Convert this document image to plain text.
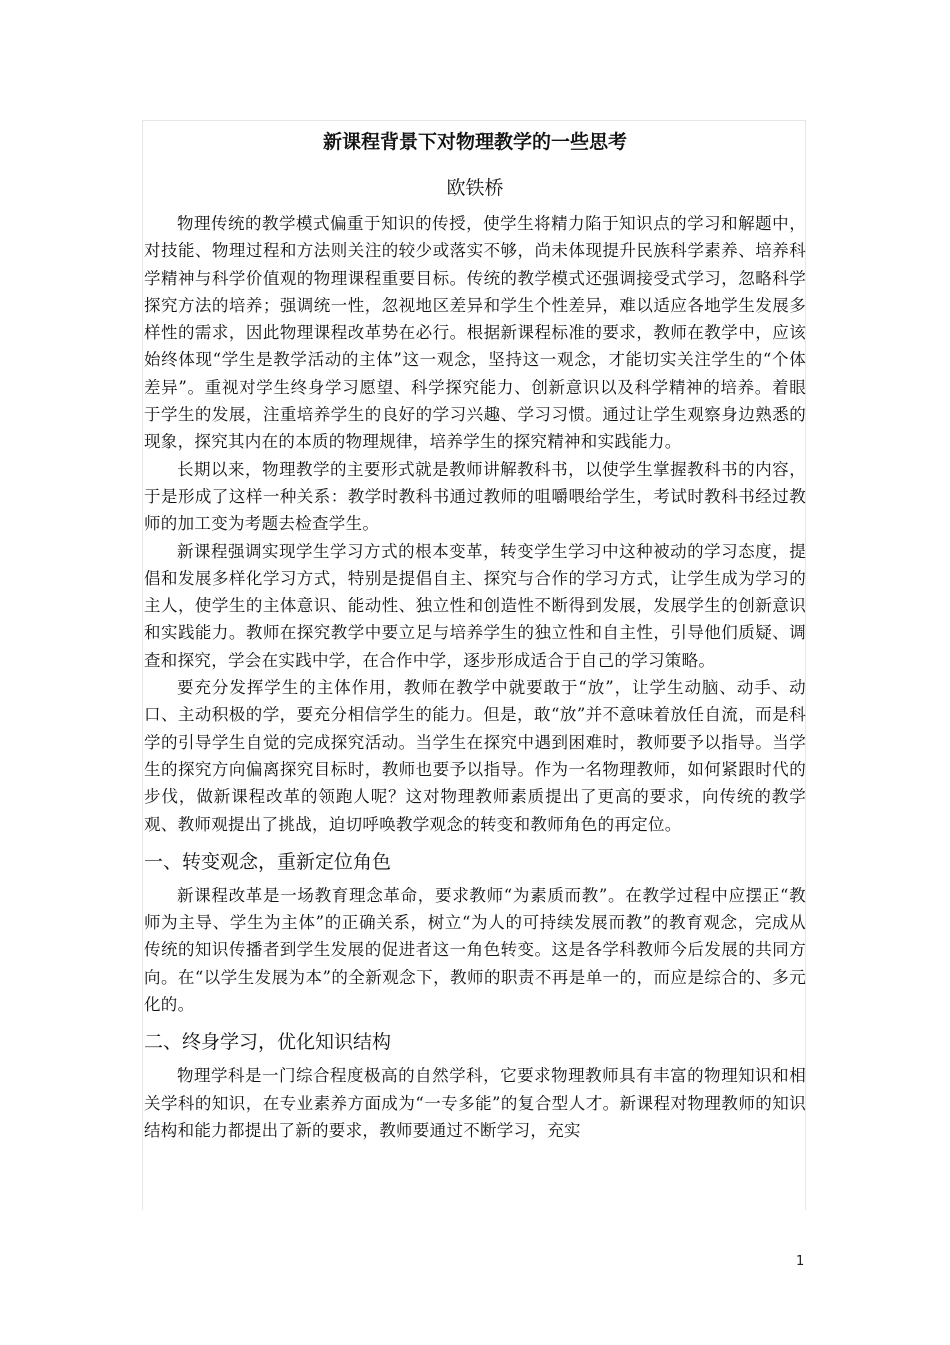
新课程背景下对物理教学的一些思考
欧铁桥

物理传统的教学模式偏重于知识的传授，使学生将精力陷于知识点的学习和解题中，对技能、物理过程和方法则关注的较少或落实不够，尚未体现提升民族科学素养、培养科学精神与科学价值观的物理课程重要目标。传统的教学模式还强调接受式学习，忽略科学探究方法的培养；强调统一性，忽视地区差异和学生个性差异，难以适应各地学生发展多样性的需求，因此物理课程改革势在必行。根据新课程标准的要求，教师在教学中，应该始终体现“学生是教学活动的主体”这一观念，坚持这一观念，才能切实关注学生的“个体差异”。重视对学生终身学习愿望、科学探究能力、创新意识以及科学精神的培养。着眼于学生的发展，注重培养学生的良好的学习兴趣、学习习惯。通过让学生观察身边熟悉的现象，探究其内在的本质的物理规律，培养学生的探究精神和实践能力。

长期以来，物理教学的主要形式就是教师讲解教科书，以使学生掌握教科书的内容，于是形成了这样一种关系：教学时教科书通过教师的咀嚼喂给学生，考试时教科书经过教师的加工变为考题去检查学生。

新课程强调实现学生学习方式的根本变革，转变学生学习中这种被动的学习态度，提倡和发展多样化学习方式，特别是提倡自主、探究与合作的学习方式，让学生成为学习的主人，使学生的主体意识、能动性、独立性和创造性不断得到发展，发展学生的创新意识和实践能力。教师在探究教学中要立足与培养学生的独立性和自主性，引导他们质疑、调查和探究，学会在实践中学，在合作中学，逐步形成适合于自己的学习策略。

要充分发挥学生的主体作用，教师在教学中就要敢于“放”，让学生动脑、动手、动口、主动积极的学，要充分相信学生的能力。但是，敢“放”并不意味着放任自流，而是科学的引导学生自觉的完成探究活动。当学生在探究中遇到困难时，教师要予以指导。当学生的探究方向偏离探究目标时，教师也要予以指导。作为一名物理教师，如何紧跟时代的步伐，做新课程改革的领跑人呢？这对物理教师素质提出了更高的要求，向传统的教学观、教师观提出了挑战，迫切呼唤教学观念的转变和教师角色的再定位。

一、转变观念，重新定位角色

新课程改革是一场教育理念革命，要求教师“为素质而教”。在教学过程中应摆正“教师为主导、学生为主体”的正确关系，树立“为人的可持续发展而教”的教育观念，完成从传统的知识传播者到学生发展的促进者这一角色转变。这是各学科教师今后发展的共同方向。在“以学生发展为本”的全新观念下，教师的职责不再是单一的，而应是综合的、多元化的。

二、终身学习，优化知识结构

物理学科是一门综合程度极高的自然学科，它要求物理教师具有丰富的物理知识和相关学科的知识，在专业素养方面成为“一专多能”的复合型人才。新课程对物理教师的知识结构和能力都提出了新的要求，教师要通过不断学习，充实

1
